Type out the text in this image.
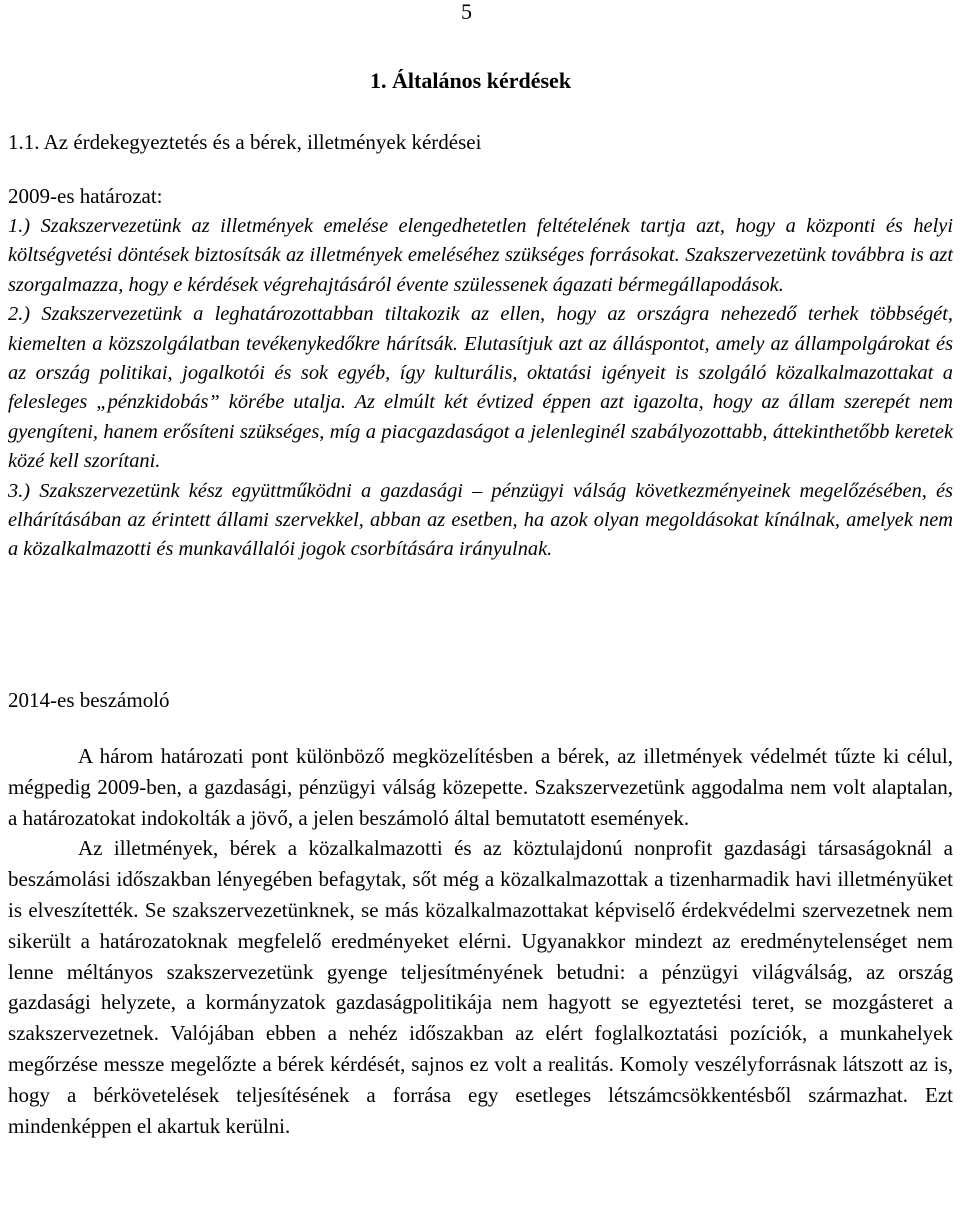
5
1. Általános kérdések
1.1. Az érdekegyeztetés és a bérek, illetmények kérdései
2009-es határozat:

1.) Szakszervezetünk az illetmények emelése elengedhetetlen feltételének tartja azt, hogy a központi és helyi költségvetési döntések biztosítsák az illetmények emeléséhez szükséges forrásokat. Szakszervezetünk továbbra is azt szorgalmazza, hogy e kérdések végrehajtásáról évente szülessenek ágazati bérmegállapodások.

2.) Szakszervezetünk a leghatározottabban tiltakozik az ellen, hogy az országra nehezedő terhek többségét, kiemelten a közszolgálatban tevékenykedőkre hárítsák. Elutasítjuk azt az álláspontot, amely az állampolgárokat és az ország politikai, jogalkotói és sok egyéb, így kulturális, oktatási igényeit is szolgáló közalkalmazottakat a felesleges „pénzkidobás” körébe utalja. Az elmúlt két évtized éppen azt igazolta, hogy az állam szerepét nem gyengíteni, hanem erősíteni szükséges, míg a piacgazdaságot a jelenleginél szabályozottabb, áttekinthetőbb keretek közé kell szorítani.

3.) Szakszervezetünk kész együttműködni a gazdasági – pénzügyi válság következményeinek megelőzésében, és elhárításában az érintett állami szervekkel, abban az esetben, ha azok olyan megoldásokat kínálnak, amelyek nem a közalkalmazotti és munkavállalói jogok csorbítására irányulnak.

2014-es beszámoló

A három határozati pont különböző megközelítésben a bérek, az illetmények védelmét tűzte ki célul, mégpedig 2009-ben, a gazdasági, pénzügyi válság közepette. Szakszervezetünk aggodalma nem volt alaptalan, a határozatokat indokolták a jövő, a jelen beszámoló által bemutatott események.

Az illetmények, bérek a közalkalmazotti és az köztulajdonú nonprofit gazdasági társaságoknál a beszámolási időszakban lényegében befagytak, sőt még a közalkalmazottak a tizenharmadik havi illetményüket is elveszítették. Se szakszervezetünknek, se más közalkalmazottakat képviselő érdekvédelmi szervezetnek nem sikerült a határozatoknak megfelelő eredményeket elérni. Ugyanakkor mindezt az eredménytelenséget nem lenne méltányos szakszervezetünk gyenge teljesítményének betudni: a pénzügyi világválság, az ország gazdasági helyzete, a kormányzatok gazdaságpolitikája nem hagyott se egyeztetési teret, se mozgásteret a szakszervezetnek. Valójában ebben a nehéz időszakban az elért foglalkoztatási pozíciók, a munkahelyek megőrzése messze megelőzte a bérek kérdését, sajnos ez volt a realitás. Komoly veszélyforrásnak látszott az is, hogy a bérkövetelések teljesítésének a forrása egy esetleges létszámcsökkentésből származhat. Ezt mindenképpen el akartuk kerülni.
